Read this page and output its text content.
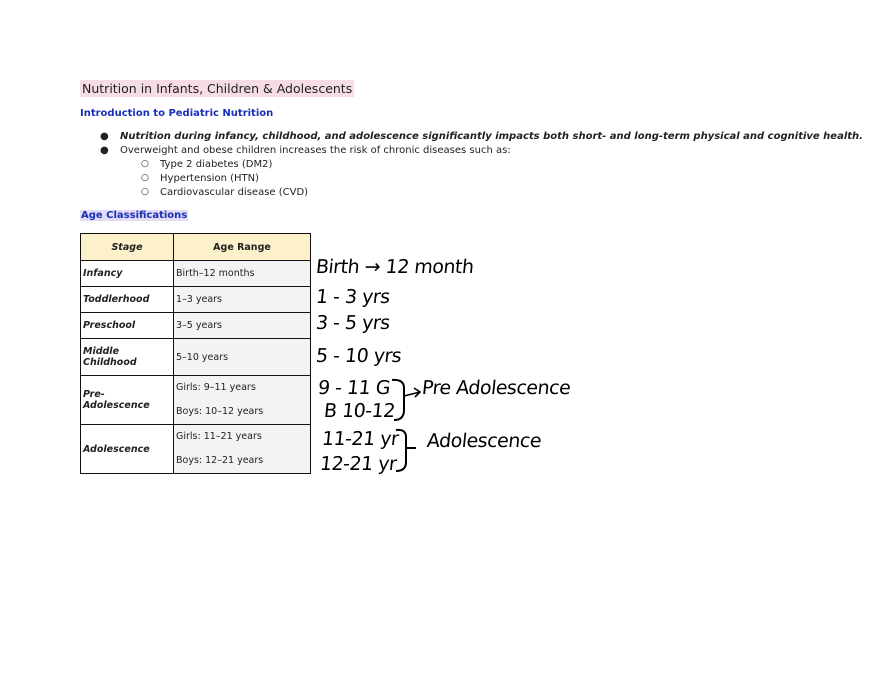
Nutrition in Infants, Children & Adolescents
Introduction to Pediatric Nutrition
● Nutrition during infancy, childhood, and adolescence significantly impacts both short- and long-term physical and cognitive health.
● Overweight and obese children increases the risk of chronic diseases such as:
○ Type 2 diabetes (DM2)
○ Hypertension (HTN)
○ Cardiovascular disease (CVD)
Age Classifications
Stage	Age Range
Infancy	Birth–12 months
Toddlerhood	1–3 years
Preschool	3–5 years
Middle Childhood	5–10 years
Pre-Adolescence	Girls: 9–11 years
Boys: 10–12 years

Adolescence	Girls: 11–21 years
Boys: 12–21 years
Birth → 12 month
1 - 3 yrs
3 - 5 yrs
5 - 10 yrs
9 - 11 G
B 10-12
Pre Adolescence
11-21 yr
12-21 yr
Adolescence
